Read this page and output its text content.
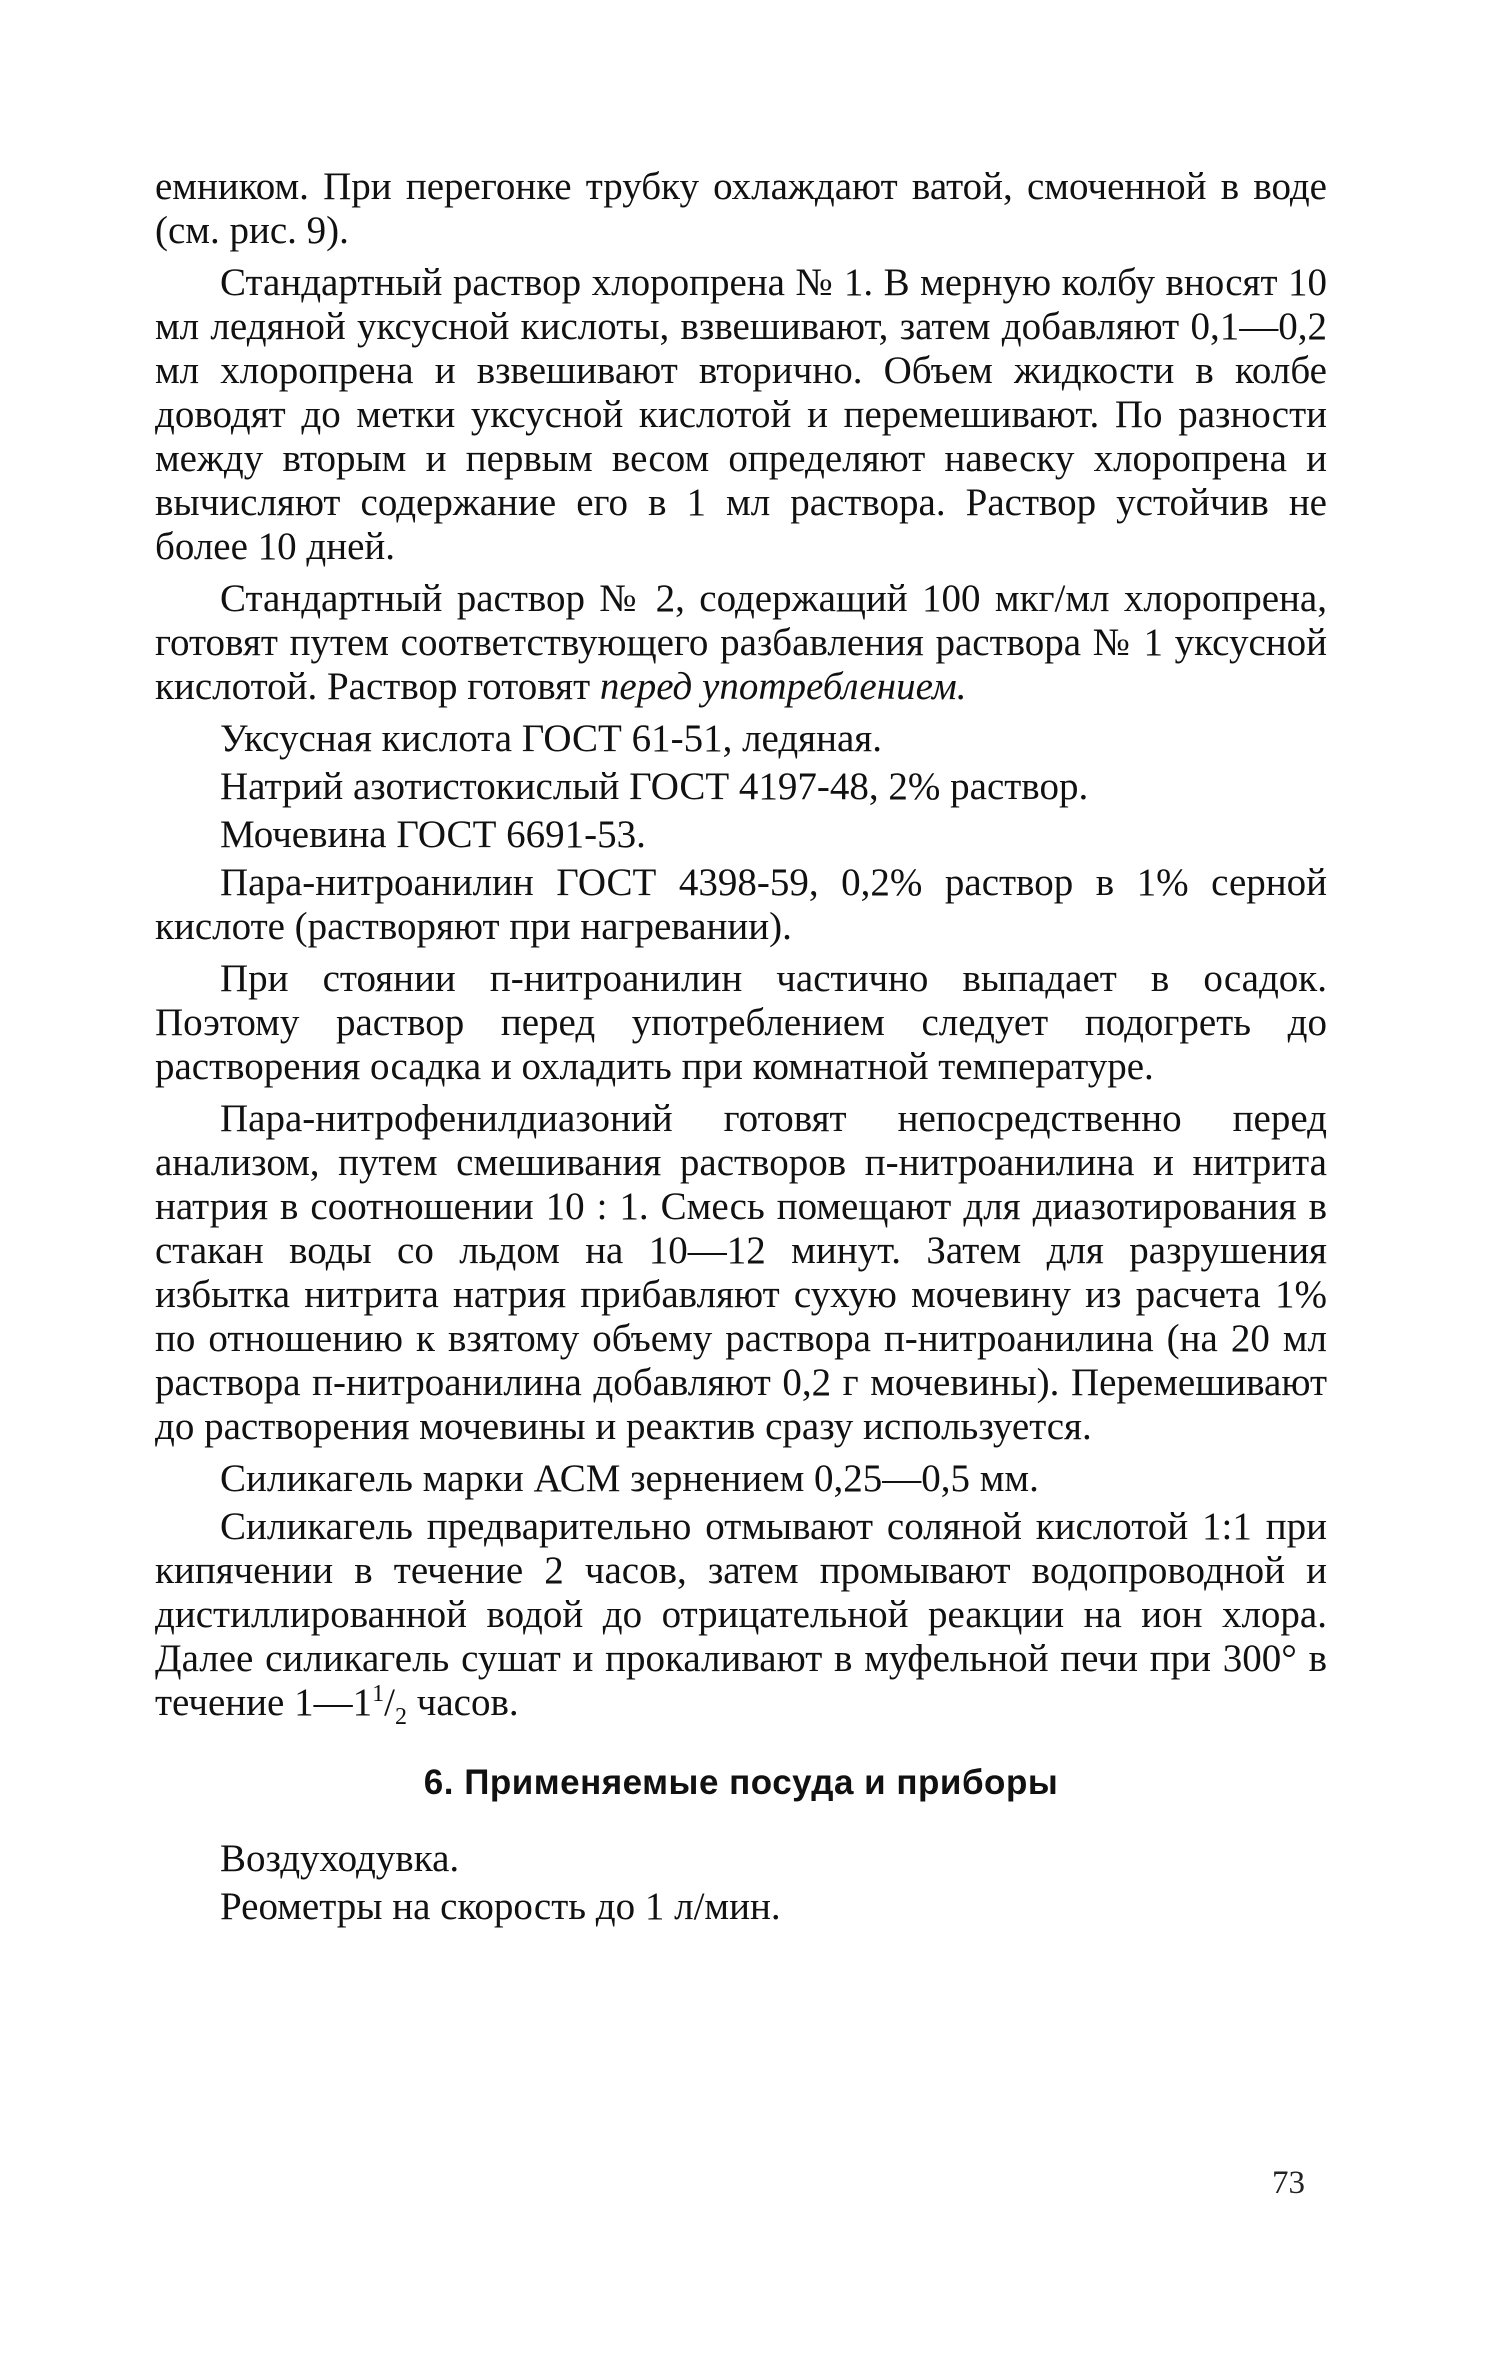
емником. При перегонке трубку охлаждают ватой, смоченной в воде (см. рис. 9).

Стандартный раствор хлоропрена № 1. В мерную колбу вносят 10 мл ледяной уксусной кислоты, взвешивают, затем добавляют 0,1—0,2 мл хлоропрена и взвешивают вторично. Объем жидкости в колбе доводят до метки уксусной кислотой и перемешивают. По разности между вторым и первым весом определяют навеску хлоропрена и вычисляют содержание его в 1 мл раствора. Раствор устойчив не более 10 дней.

Стандартный раствор № 2, содержащий 100 мкг/мл хлоропрена, готовят путем соответствующего разбавления раствора № 1 уксусной кислотой. Раствор готовят перед употреблением.

Уксусная кислота ГОСТ 61-51, ледяная.

Натрий азотистокислый ГОСТ 4197-48, 2% раствор.

Мочевина ГОСТ 6691-53.

Пара-нитроанилин ГОСТ 4398-59, 0,2% раствор в 1% серной кислоте (растворяют при нагревании).

При стоянии п-нитроанилин частично выпадает в осадок. Поэтому раствор перед употреблением следует подогреть до растворения осадка и охладить при комнатной температуре.

Пара-нитрофенилдиазоний готовят непосредственно перед анализом, путем смешивания растворов п-нитроанилина и нитрита натрия в соотношении 10 : 1. Смесь помещают для диазотирования в стакан воды со льдом на 10—12 минут. Затем для разрушения избытка нитрита натрия прибавляют сухую мочевину из расчета 1% по отношению к взятому объему раствора п-нитроанилина (на 20 мл раствора п-нитроанилина добавляют 0,2 г мочевины). Перемешивают до растворения мочевины и реактив сразу используется.

Силикагель марки АСМ зернением 0,25—0,5 мм.

Силикагель предварительно отмывают соляной кислотой 1:1 при кипячении в течение 2 часов, затем промывают водопроводной и дистиллированной водой до отрицательной реакции на ион хлора. Далее силикагель сушат и прокаливают в муфельной печи при 300° в течение $1—1^1/_2$ часов.

6. Применяемые посуда и приборы

Воздуходувка.

Реометры на скорость до 1 л/мин.

73
